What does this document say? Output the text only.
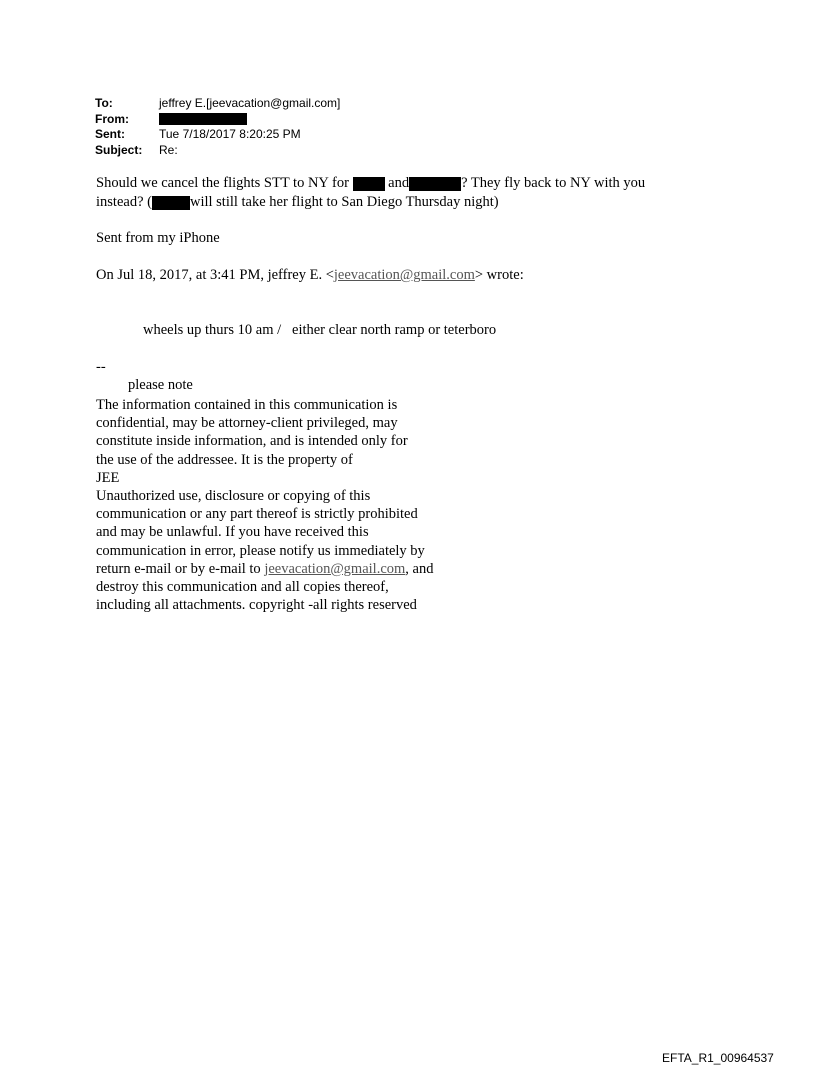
To:	jeffrey E.[jeevacation@gmail.com]
From:
Sent:	Tue 7/18/2017 8:20:25 PM
Subject:	Re:
Should we cancel the flights STT to NY for	and	? They fly back to NY with you
instead? (	will still take her flight to San Diego Thursday night)
Sent from my iPhone
On Jul 18, 2017, at 3:41 PM, jeffrey E. <jeevacation@gmail.com> wrote:
wheels up thurs 10 am /   either clear north ramp or teterboro
--
please note
The information contained in this communication is
confidential, may be attorney-client privileged, may
constitute inside information, and is intended only for
the use of the addressee. It is the property of
JEE
Unauthorized use, disclosure or copying of this
communication or any part thereof is strictly prohibited
and may be unlawful. If you have received this
communication in error, please notify us immediately by
return e-mail or by e-mail to jeevacation@gmail.com, and
destroy this communication and all copies thereof,
including all attachments. copyright -all rights reserved
EFTA_R1_00964537
